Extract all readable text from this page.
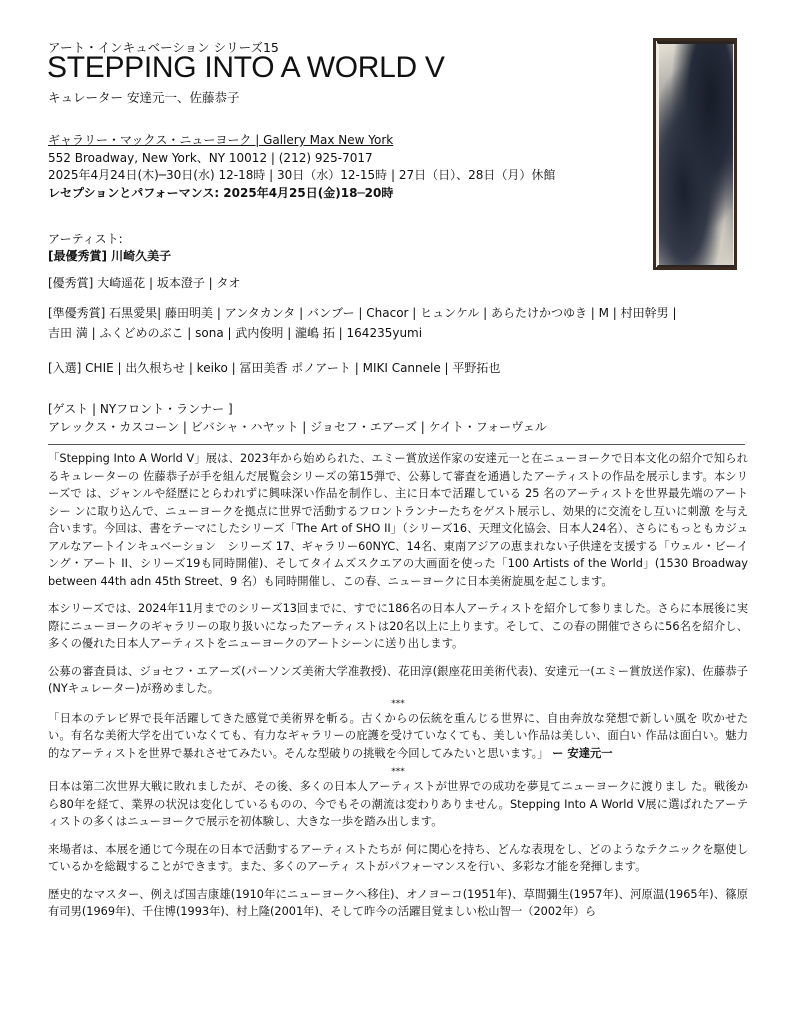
アート・インキュベーション シリーズ15
STEPPING INTO A WORLD V
キュレーター 安達元一、佐藤恭子
ギャラリー・マックス・ニューヨーク | Gallery Max New York
552 Broadway, New York、NY 10012 | (212) 925-7017
2025年4月24日(木)─30日(水) 12-18時 | 30日（水）12-15時 | 27日（日）、28日（月）休館
レセプションとパフォーマンス: 2025年4月25日(金)18─20時
アーティスト:
[最優秀賞] 川崎久美子
[優秀賞] 大崎遥花 | 坂本澄子 | タオ
[準優秀賞] 石黒愛果| 藤田明美 | アンタカンタ | バンブー | Chacor | ヒュンケル | あらたけかつゆき | M | 村田幹男 |
吉田 満 | ふくどめのぶこ | sona | 武内俊明 | 瀧嶋 拓 | 164235yumi
[入選] CHIE | 出久根ちせ | keiko | 冨田美香 ポノアート | MIKI Cannele | 平野拓也
[ゲスト | NYフロント・ランナー ]
アレックス・カスコーン | ビバシャ・ハヤット | ジョセフ・エアーズ | ケイト・フォーヴェル

「Stepping Into A World V」展は、2023年から始められた、エミー賞放送作家の安達元一と在ニューヨークで日本文化の紹介で知られるキュレーターの 佐藤恭子が手を組んだ展覧会シリーズの第15弾で、公募して審査を通過したアーティストの作品を展示します。本シリーズで は、ジャンルや経歴にとらわれずに興味深い作品を制作し、主に日本で活躍している 25 名のアーティストを世界最先端のアートシー ンに取り込んで、ニューヨークを拠点に世界で活動するフロントランナーたちをゲスト展示し、効果的に交流をし互いに刺激 を与え合います。今回は、書をテーマにしたシリーズ「The Art of SHO II」（シリーズ16、天理文化協会、日本人24名）、さらにもっともカジュアルなアートインキュベーション　シリーズ 17、ギャラリー60NYC、14名、東南アジアの恵まれない子供達を支援する「ウェル・ビーイング・アート II、シリーズ19も同時開催)、そしてタイムズスクエアの大画面を使った「100 Artists of the World」(1530 Broadway between 44th adn 45th Street、9 名）も同時開催し、この春、ニューヨークに日本美術旋風を起こします。

本シリーズでは、2024年11月までのシリーズ13回までに、すでに186名の日本人アーティストを紹介して参りました。さらに本展後に実際にニューヨークのギャラリーの取り扱いになったアーティストは20名以上に上ります。そして、この春の開催でさらに56名を紹介し、多くの優れた日本人アーティストをニューヨークのアートシーンに送り出します。

公募の審査員は、ジョセフ・エアーズ(パーソンズ美術大学准教授)、花田淳(銀座花田美術代表)、安達元一(エミー賞放送作家)、佐藤恭子(NYキュレーター)が務めました。

***

「日本のテレビ界で長年活躍してきた感覚で美術界を斬る。古くからの伝統を重んじる世界に、自由奔放な発想で新しい風を 吹かせたい。有名な美術大学を出ていなくても、有力なギャラリーの庇護を受けていなくても、美しい作品は美しい、面白い 作品は面白い。魅力的なアーティストを世界で暴れさせてみたい。そんな型破りの挑戦を今回してみたいと思います。」 ー 安達元一

***

日本は第二次世界大戦に敗れましたが、その後、多くの日本人アーティストが世界での成功を夢見てニューヨークに渡りまし た。戦後から80年を経て、業界の状況は変化しているものの、今でもその潮流は変わりありません。Stepping Into A World V展に選ばれたアーティストの多くはニューヨークで展示を初体験し、大きな一歩を踏み出します。

来場者は、本展を通じて今現在の日本で活動するアーティストたちが 何に関心を持ち、どんな表現をし、どのようなテクニックを駆使しているかを総観することができます。また、多くのアーティ ストがパフォーマンスを行い、多彩な才能を発揮します。

歴史的なマスター、例えば国吉康雄(1910年にニューヨークへ移住)、オノヨーコ(1951年)、草間彌生(1957年)、河原温(1965年)、篠原有司男(1969年)、千住博(1993年)、村上隆(2001年)、そして昨今の活躍目覚ましい松山智一（2002年）ら
